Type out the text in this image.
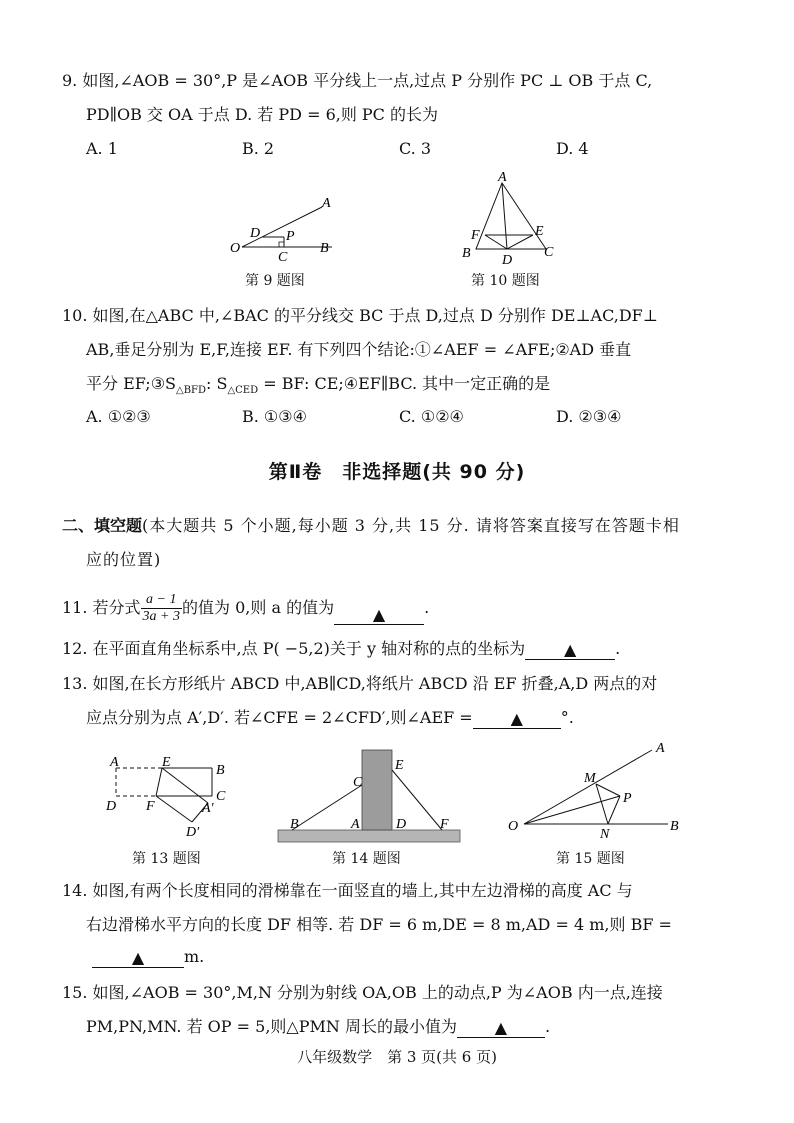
9. 如图,∠AOB = 30°,P 是∠AOB 平分线上一点,过点 P 分别作 PC ⊥ OB 于点 C,
PD∥OB 交 OA 于点 D. 若 PD = 6,则 PC 的长为
A. 1	B. 2	C. 3	D. 4
A
D P
O
C
B
第 9 题图
A
F	E
B D
C
第 10 题图
10. 如图,在△ABC 中,∠BAC 的平分线交 BC 于点 D,过点 D 分别作 DE⊥AC,DF⊥
AB,垂足分别为 E,F,连接 EF. 有下列四个结论:①∠AEF = ∠AFE;②AD 垂直
平分 $EF;③S_{\triangle BFD}$: $S_{\triangle CED}$ = BF: CE;④EF∥BC. 其中一定正确的是
A. ①②③	B. ①③④	C. ①②④	D. ②③④
第Ⅱ卷　非选择题(共 90 分)
二、填空题(本大题共 5 个小题,每小题 3 分,共 15 分. 请将答案直接写在答题卡相
应的位置)
11. 若分式 $\frac{a - 1}{3a + 3}$ 的值为 0,则 a 的值为 ▲ .
12. 在平面直角坐标系中,点 P( −5,2)关于 y 轴对称的点的坐标为 ▲ .
13. 如图,在长方形纸片 ABCD 中,AB∥CD,将纸片 ABCD 沿 EF 折叠,A,D 两点的对
应点分别为点 A′,D′. 若∠CFE = 2∠CFD′,则∠AEF = ▲ °.
A	E
B
D F	A′
C
D′
第 13 题图
C
E
B	A	D F
第 14 题图
A
M
P
O
N
B
第 15 题图
14. 如图,有两个长度相同的滑梯靠在一面竖直的墙上,其中左边滑梯的高度 AC 与
右边滑梯水平方向的长度 DF 相等. 若 DF = 6 m,DE = 8 m,AD = 4 m,则 BF =
▲ m.
15. 如图,∠AOB = 30°,M,N 分别为射线 OA,OB 上的动点,P 为∠AOB 内一点,连接
PM,PN,MN. 若 OP = 5,则△PMN 周长的最小值为 ▲ .
八年级数学　第 3 页(共 6 页)
